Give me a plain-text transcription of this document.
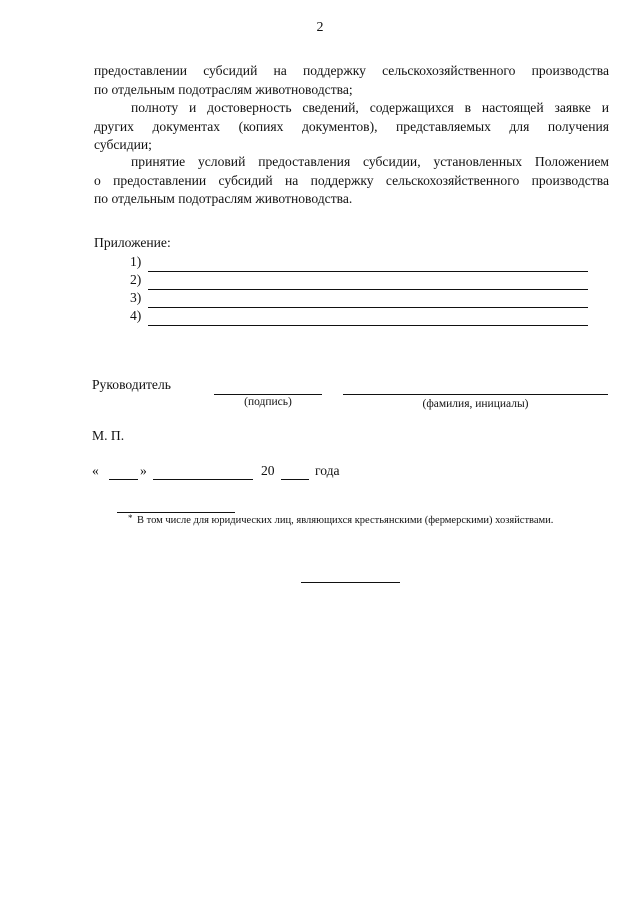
2
предоставлении субсидий на поддержку сельскохозяйственного производства
по отдельным подотраслям животноводства;
полноту и достоверность сведений, содержащихся в настоящей заявке и
других документах (копиях документов), представляемых для получения
субсидии;
принятие условий предоставления субсидии, установленных Положением
о предоставлении субсидий на поддержку сельскохозяйственного производства
по отдельным подотраслям животноводства.
Приложение:
1)
2)
3)
4)
Руководитель
(подпись)	(фамилия, инициалы)
М. П.
«	»	20	года
* В том числе для юридических лиц, являющихся крестьянскими (фермерскими) хозяйствами.
